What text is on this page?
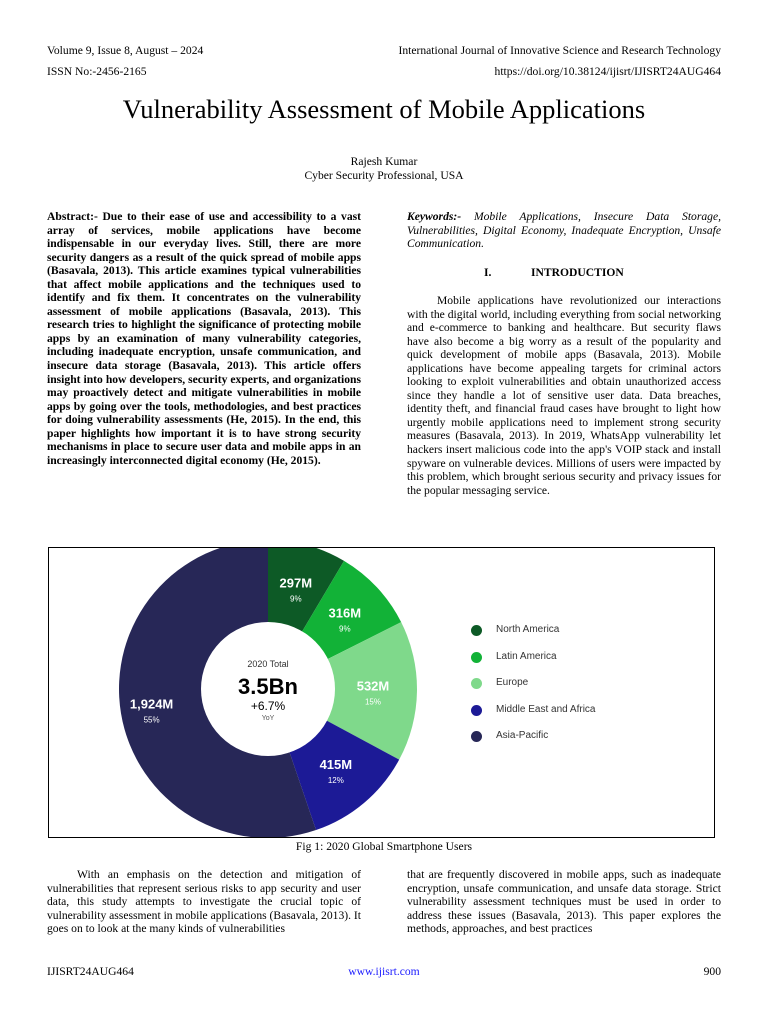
Volume 9, Issue 8, August – 2024	International Journal of Innovative Science and Research Technology
ISSN No:-2456-2165	https://doi.org/10.38124/ijisrt/IJISRT24AUG464
Vulnerability Assessment of Mobile Applications
Rajesh Kumar
Cyber Security Professional, USA
Abstract:- Due to their ease of use and accessibility to a vast array of services, mobile applications have become indispensable in our everyday lives. Still, there are more security dangers as a result of the quick spread of mobile apps (Basavala, 2013). This article examines typical vulnerabilities that affect mobile applications and the techniques used to identify and fix them. It concentrates on the vulnerability assessment of mobile applications (Basavala, 2013). This research tries to highlight the significance of protecting mobile apps by an examination of many vulnerability categories, including inadequate encryption, unsafe communication, and insecure data storage (Basavala, 2013). This article offers insight into how developers, security experts, and organizations may proactively detect and mitigate vulnerabilities in mobile apps by going over the tools, methodologies, and best practices for doing vulnerability assessments (He, 2015). In the end, this paper highlights how important it is to have strong security mechanisms in place to secure user data and mobile apps in an increasingly interconnected digital economy (He, 2015).
Keywords:- Mobile Applications, Insecure Data Storage, Vulnerabilities, Digital Economy, Inadequate Encryption, Unsafe Communication.
I.	INTRODUCTION
Mobile applications have revolutionized our interactions with the digital world, including everything from social networking and e-commerce to banking and healthcare. But security flaws have also become a big worry as a result of the popularity and quick development of mobile apps (Basavala, 2013). Mobile applications have become appealing targets for criminal actors looking to exploit vulnerabilities and obtain unauthorized access since they handle a lot of sensitive user data. Data breaches, identity theft, and financial fraud cases have brought to light how urgently mobile applications need to implement strong security measures (Basavala, 2013). In 2019, WhatsApp vulnerability let hackers insert malicious code into the app's VOIP stack and install spyware on vulnerable devices. Millions of users were impacted by this problem, which brought serious security and privacy issues for the popular messaging service.
297M
9%
316M
9%
532M
15%
415M
12%
1,924M
55%
2020 Total
3.5Bn
+6.7%
YoY
North America
Latin America
Europe
Middle East and Africa
Asia-Pacific
Fig 1: 2020 Global Smartphone Users
With an emphasis on the detection and mitigation of vulnerabilities that represent serious risks to app security and user data, this study attempts to investigate the crucial topic of vulnerability assessment in mobile applications (Basavala, 2013). It goes on to look at the many kinds of vulnerabilities
that are frequently discovered in mobile apps, such as inadequate encryption, unsafe communication, and unsafe data storage. Strict vulnerability assessment techniques must be used in order to address these issues (Basavala, 2013). This paper explores the methods, approaches, and best practices
IJISRT24AUG464	www.ijisrt.com	900
